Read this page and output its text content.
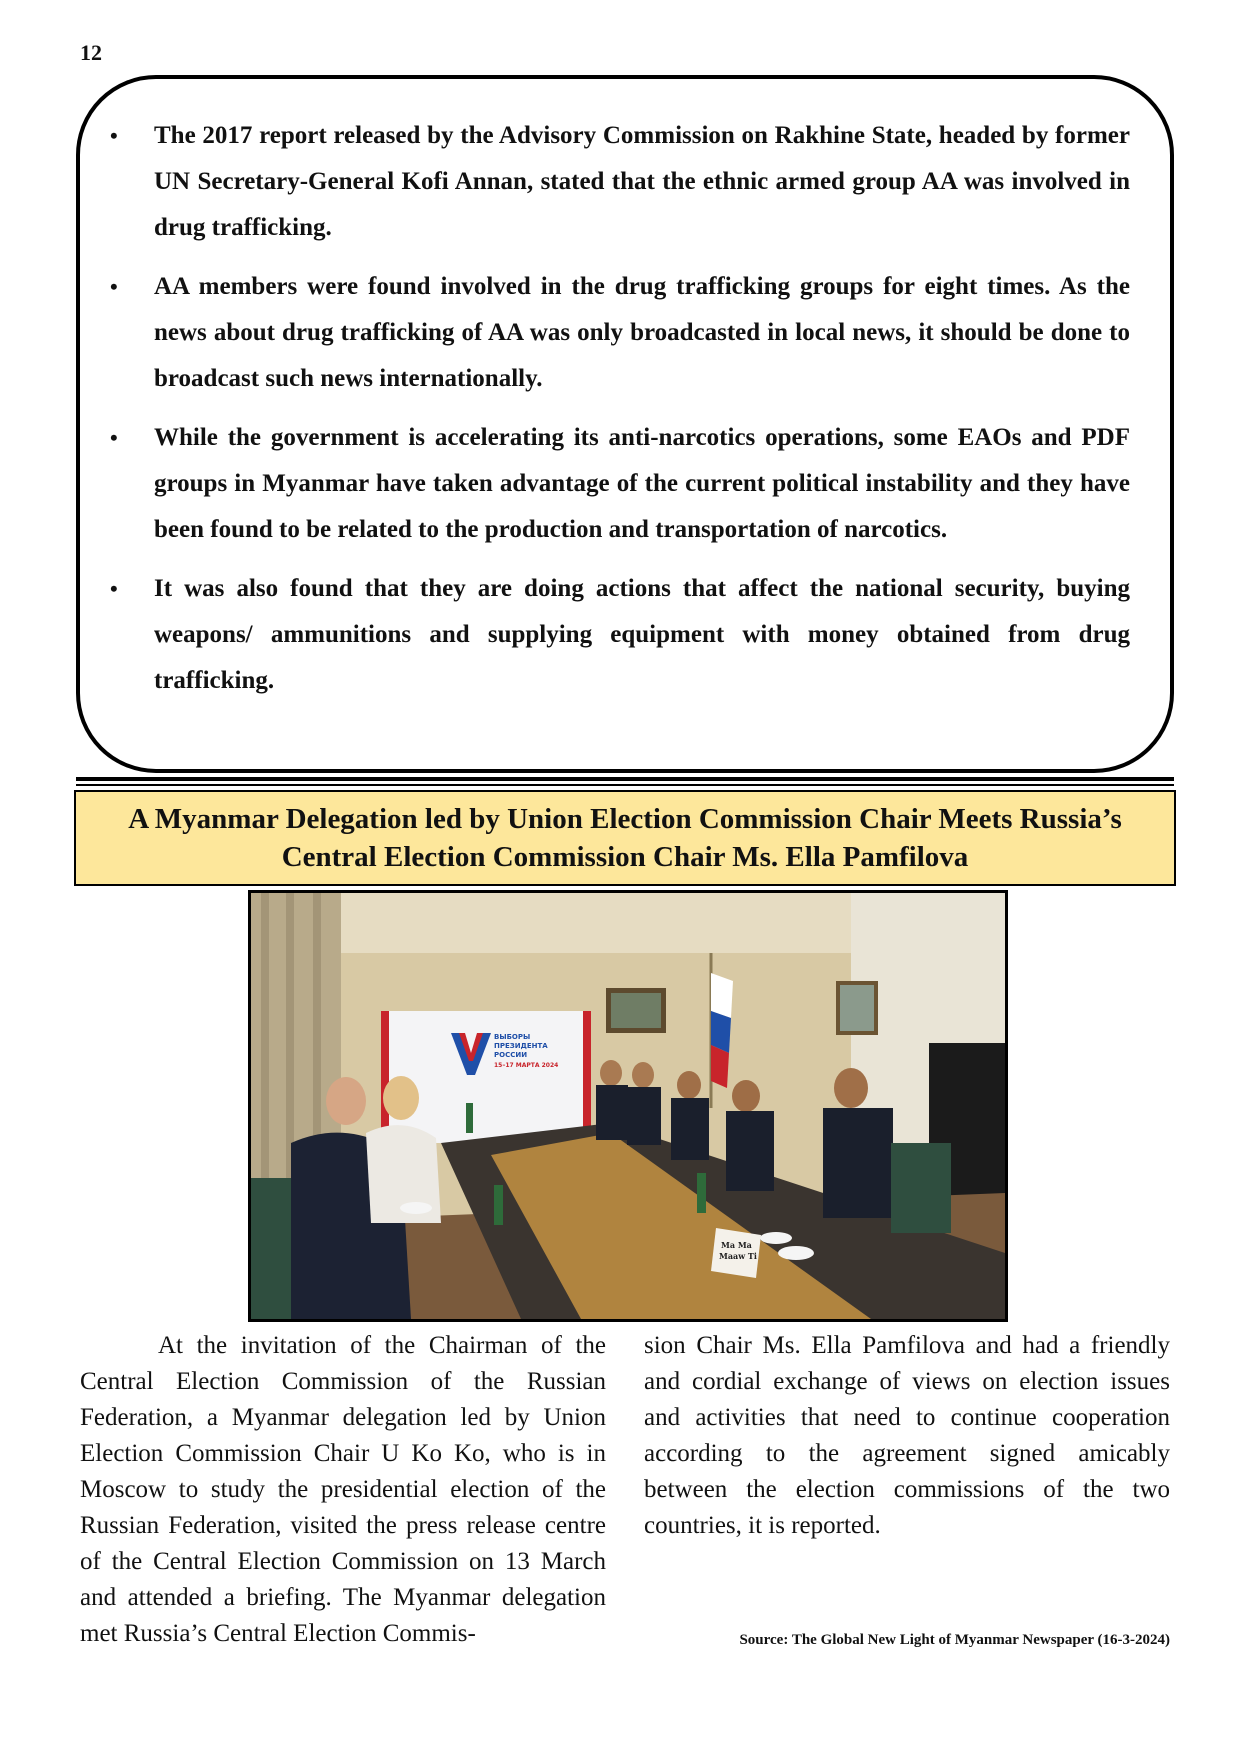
12
• The 2017 report released by the Advisory Commission on Rakhine State, headed by former UN Secretary-General Kofi Annan, stated that the ethnic armed group AA was involved in drug trafficking.
• AA members were found involved in the drug trafficking groups for eight times. As the news about drug trafficking of AA was only broadcasted in local news, it should be done to broadcast such news internationally.
• While the government is accelerating its anti-narcotics operations, some EAOs and PDF groups in Myanmar have taken advantage of the current political instability and they have been found to be related to the production and transportation of narcotics.
• It was also found that they are doing actions that affect the national security, buying weapons/ ammunitions and supplying equipment with money obtained from drug trafficking.
A Myanmar Delegation led by Union Election Commission Chair Meets Russia’s
Central Election Commission Chair Ms. Ella Pamfilova
ВЫБОРЫ
ПРЕЗИДЕНТА
РОССИИ
15–17 МАРТА 2024
Ma Ma
Maaw Ti
At the invitation of the Chairman of the Central Election Commission of the Russian Federation, a Myanmar delegation led by Union Election Commission Chair U Ko Ko, who is in Moscow to study the presidential election of the Russian Federation, visited the press release centre of the Central Election Commission on 13 March and attended a briefing. The Myanmar delegation met Russia’s Central Election Commis-
sion Chair Ms. Ella Pamfilova and had a friendly and cordial exchange of views on election issues and activities that need to continue cooperation according to the agreement signed amicably between the election commissions of the two countries, it is reported.
Source: The Global New Light of Myanmar Newspaper (16-3-2024)
